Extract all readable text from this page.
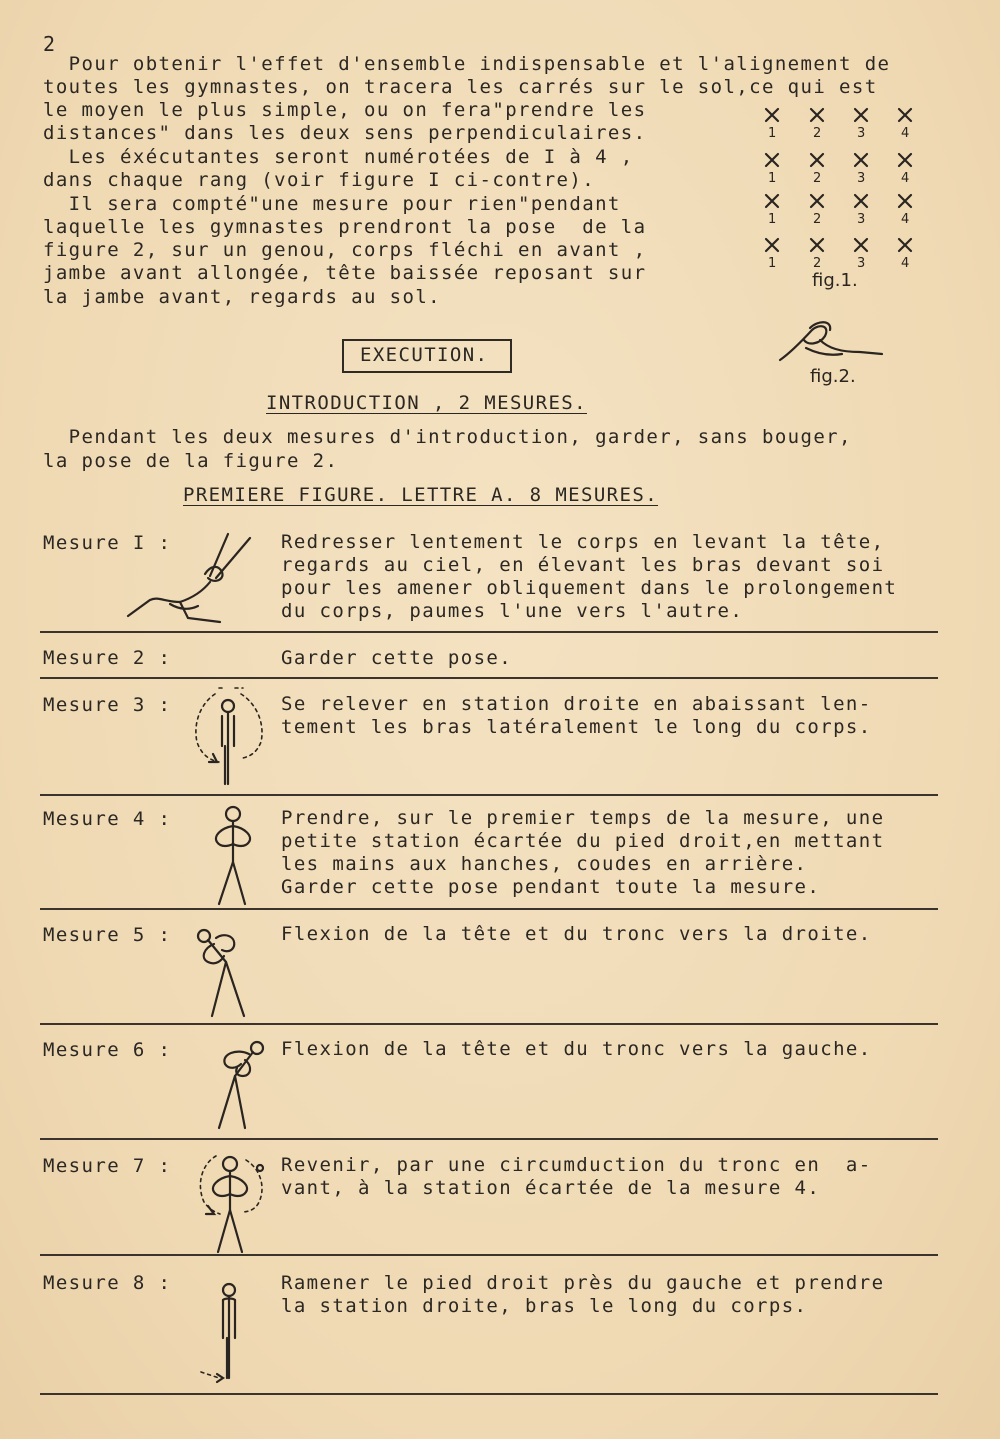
2
Pour obtenir l'effet d'ensemble indispensable et l'alignement de
toutes les gymnastes, on tracera les carrés sur le sol,ce qui est
le moyen le plus simple, ou on fera"prendre les
distances" dans les deux sens perpendiculaires.
Les éxécutantes seront numérotées de I à 4 ,
dans chaque rang (voir figure I ci-contre).
Il sera compté"une mesure pour rien"pendant
laquelle les gymnastes prendront la pose  de la
figure 2, sur un genou, corps fléchi en avant ,
jambe avant allongée, tête baissée reposant sur
la jambe avant, regards au sol.
1	2	3	4
1	2	3	4
1	2	3	4
1	2	3	4
fig.1.
fig.2.
EXECUTION.
INTRODUCTION , 2 MESURES.
Pendant les deux mesures d'introduction, garder, sans bouger,
la pose de la figure 2.
PREMIERE FIGURE. LETTRE A. 8 MESURES.
Mesure I :	Redresser lentement le corps en levant la tête,
regards au ciel, en élevant les bras devant soi
pour les amener obliquement dans le prolongement
du corps, paumes l'une vers l'autre.
Mesure 2 :	Garder cette pose.
Mesure 3 :	Se relever en station droite en abaissant len-
tement les bras latéralement le long du corps.
Mesure 4 :	Prendre, sur le premier temps de la mesure, une
petite station écartée du pied droit,en mettant
les mains aux hanches, coudes en arrière.
Garder cette pose pendant toute la mesure.
Mesure 5 :	Flexion de la tête et du tronc vers la droite.
Mesure 6 :	Flexion de la tête et du tronc vers la gauche.
Mesure 7 :	Revenir, par une circumduction du tronc en  a-
vant, à la station écartée de la mesure 4.
Mesure 8 :	Ramener le pied droit près du gauche et prendre
la station droite, bras le long du corps.
